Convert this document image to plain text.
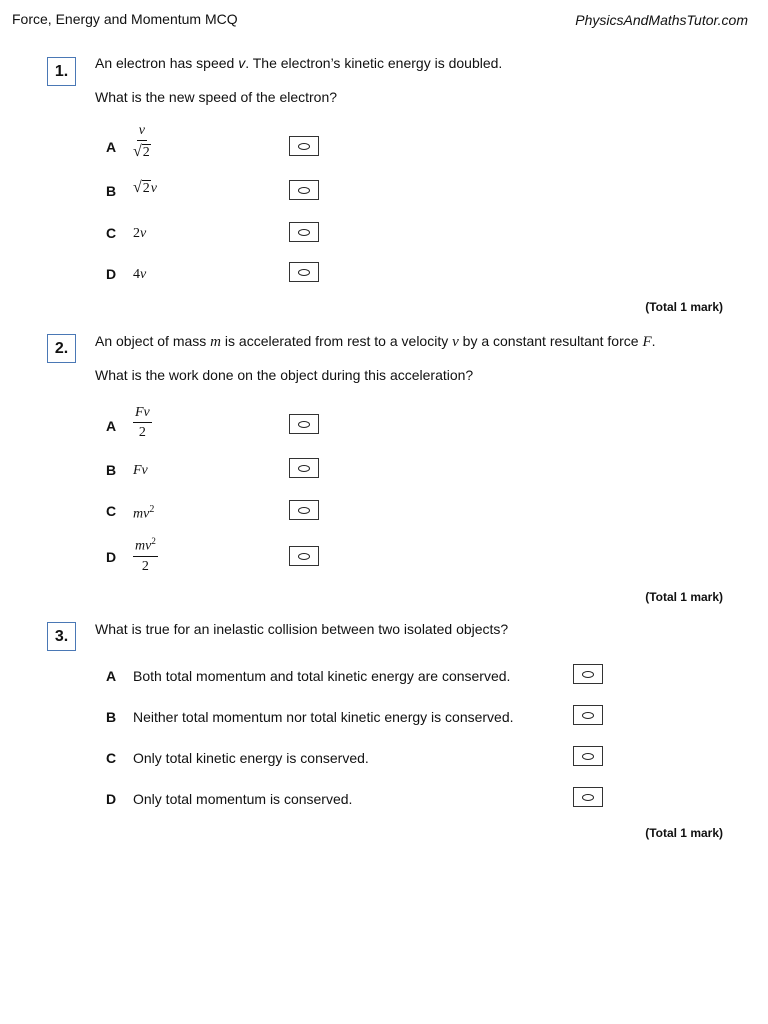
Force, Energy and Momentum MCQ	PhysicsAndMathsTutor.com
1.	An electron has speed v. The electron’s kinetic energy is doubled.
What is the new speed of the electron?
A $\frac{v}{√ 2}$
B √ 2 v
C 2v
D 4v
(Total 1 mark)
2.	An object of mass m is accelerated from rest to a velocity v by a constant resultant force F.
What is the work done on the object during this acceleration?
A $\frac{Fv}{2}$
B Fv
C $mv^2$
D $\frac{mv^2}{2}$
(Total 1 mark)
3.	What is true for an inelastic collision between two isolated objects?
A Both total momentum and total kinetic energy are conserved.
B Neither total momentum nor total kinetic energy is conserved.
C Only total kinetic energy is conserved.
D Only total momentum is conserved.
(Total 1 mark)
